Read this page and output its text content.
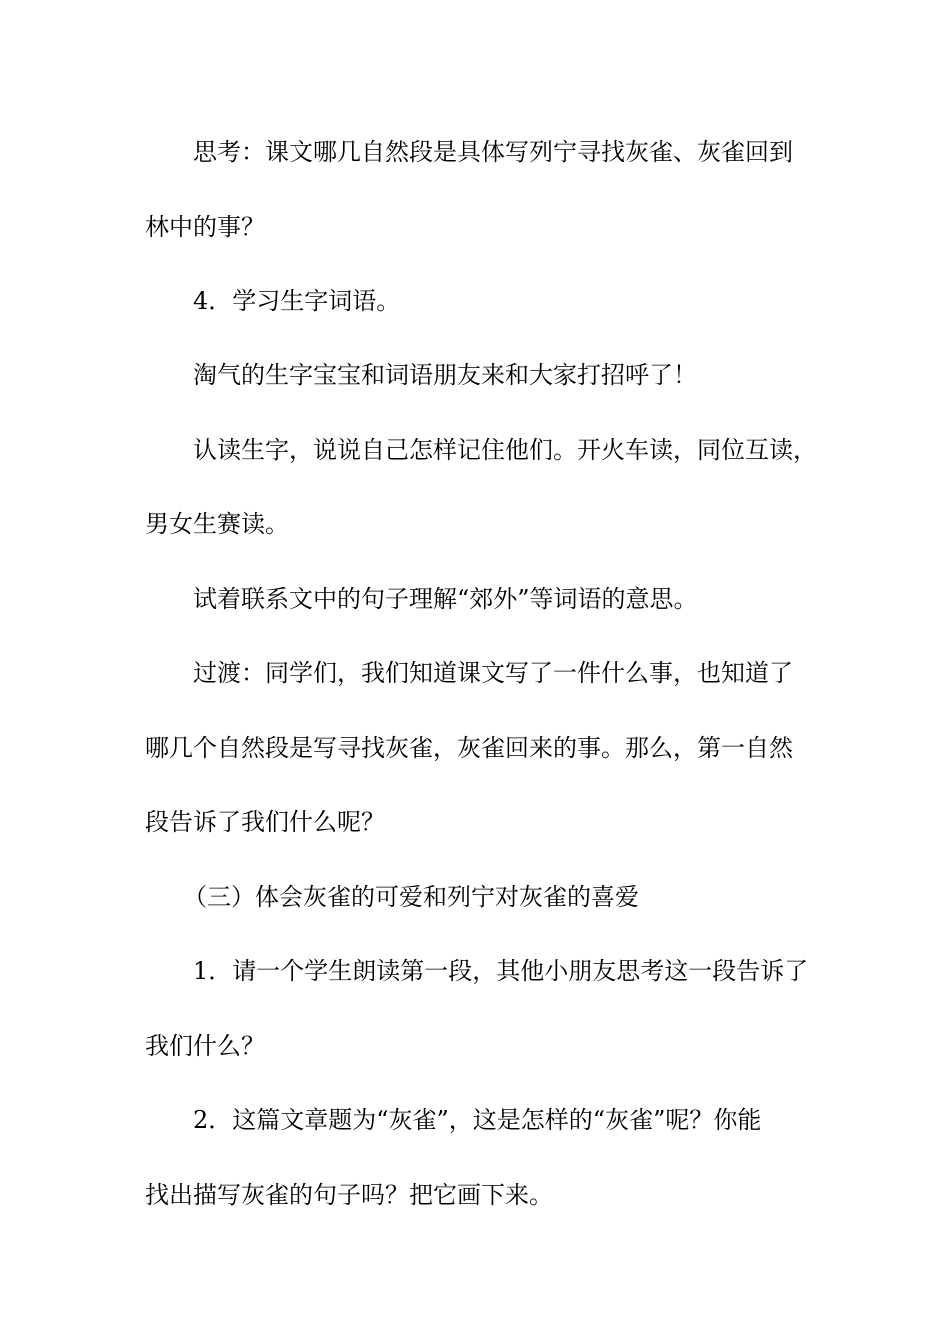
思考：课文哪几自然段是具体写列宁寻找灰雀、灰雀回到
林中的事？
4．学习生字词语。
淘气的生字宝宝和词语朋友来和大家打招呼了！
认读生字，说说自己怎样记住他们。开火车读，同位互读，
男女生赛读。
试着联系文中的句子理解“郊外”等词语的意思。
过渡：同学们，我们知道课文写了一件什么事，也知道了
哪几个自然段是写寻找灰雀，灰雀回来的事。那么，第一自然
段告诉了我们什么呢？
（三）体会灰雀的可爱和列宁对灰雀的喜爱
1．请一个学生朗读第一段，其他小朋友思考这一段告诉了
我们什么？
2．这篇文章题为“灰雀”，这是怎样的“灰雀”呢？你能
找出描写灰雀的句子吗？把它画下来。
